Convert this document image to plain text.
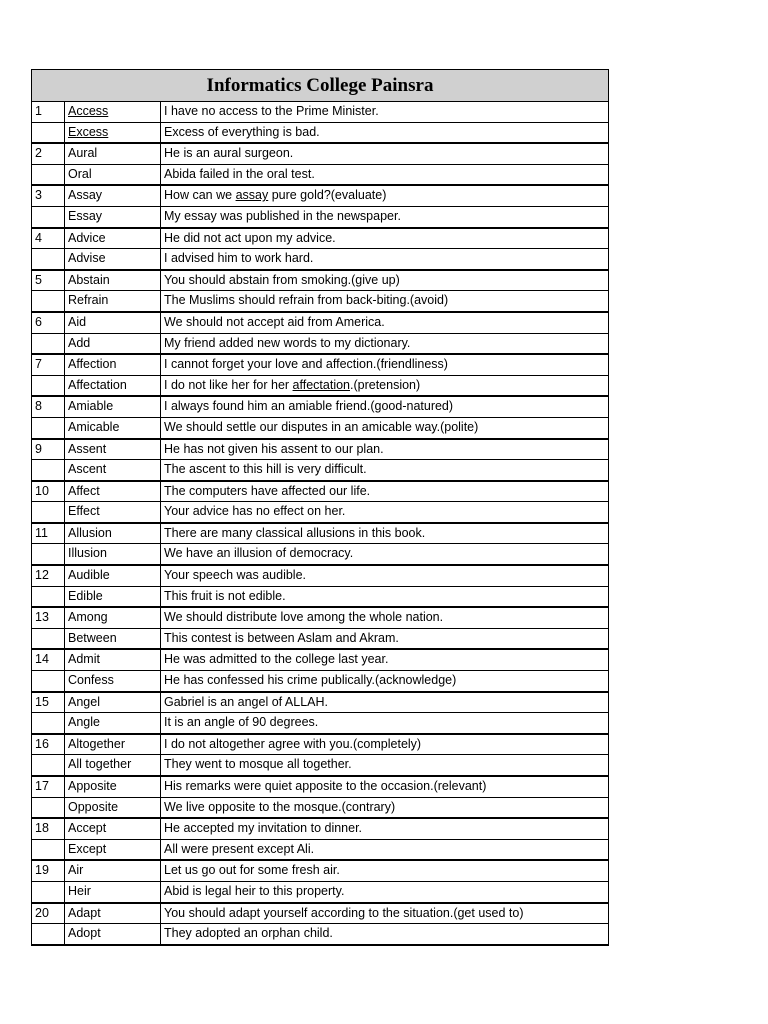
Informatics College Painsra		
1	Access	I have no access to the Prime Minister.
	Excess	Excess of everything is bad.
2	Aural	He is an aural surgeon.
	Oral	Abida failed in the oral test.
3	Assay	How can we assay pure gold?(evaluate)
	Essay	My essay was published in the newspaper.
4	Advice	He did not act upon my advice.
	Advise	I advised him to work hard.
5	Abstain	You should abstain from smoking.(give up)
	Refrain	The Muslims should refrain from back-biting.(avoid)
6	Aid	We should not accept aid from America.
	Add	My friend added new words to my dictionary.
7	Affection	I cannot forget your love and affection.(friendliness)
	Affectation	I do not like her for her affectation.(pretension)
8	Amiable	I always found him an amiable friend.(good-natured)
	Amicable	We should settle our disputes in an amicable way.(polite)
9	Assent	He has not given his assent to our plan.
	Ascent	The ascent to this hill is very difficult.
10	Affect	The computers have affected our life.
	Effect	Your advice has no effect on her.
11	Allusion	There are many classical allusions in this book.
	Illusion	We have an illusion of democracy.
12	Audible	Your speech was audible.
	Edible	This fruit is not edible.
13	Among	We should distribute love among the whole nation.
	Between	This contest is between Aslam and Akram.
14	Admit	He was admitted to the college last year.
	Confess	He has confessed his crime publically.(acknowledge)
15	Angel	Gabriel is an angel of ALLAH.
	Angle	It is an angle of 90 degrees.
16	Altogether	I do not altogether agree with you.(completely)
	All together	They went to mosque all together.
17	Apposite	His remarks were quiet apposite to the occasion.(relevant)
	Opposite	We live opposite to the mosque.(contrary)
18	Accept	He accepted my invitation to dinner.
	Except	All were present except Ali.
19	Air	Let us go out for some fresh air.
	Heir	Abid is legal heir to this property.
20	Adapt	You should adapt yourself according to the situation.(get used to)
	Adopt	They adopted an orphan child.
